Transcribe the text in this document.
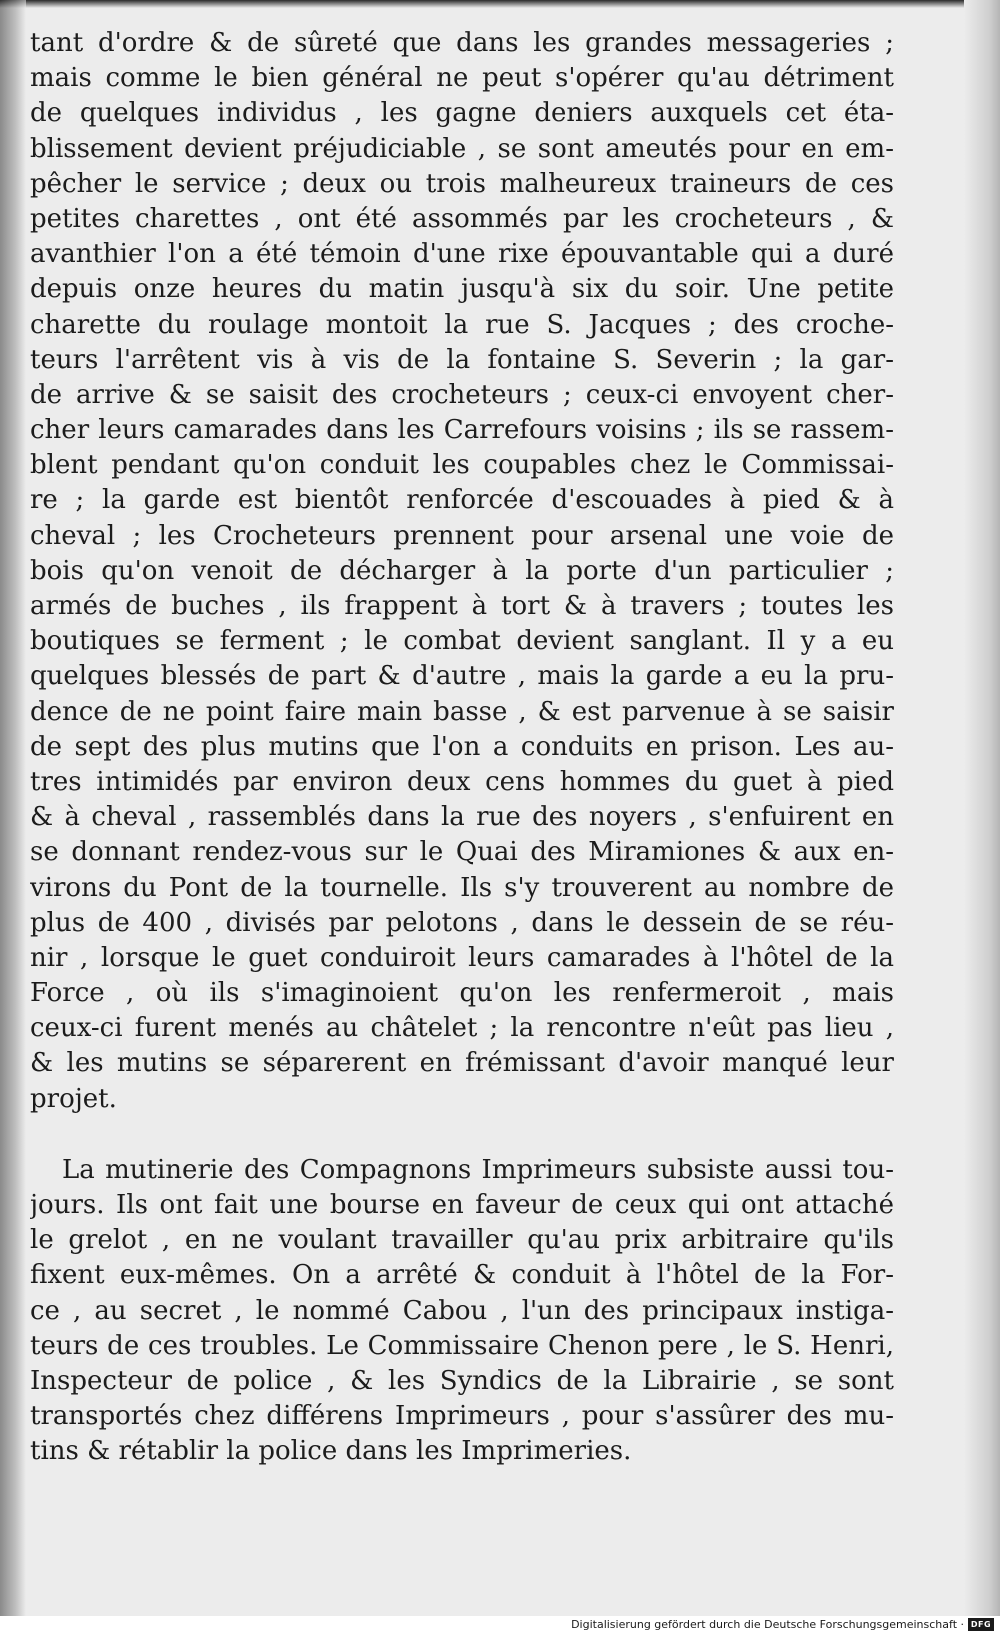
tant d'ordre & de sûreté que dans les grandes messageries ;
mais comme le bien général ne peut s'opérer qu'au détriment
de quelques individus , les gagne deniers auxquels cet éta-
blissement devient préjudiciable , se sont ameutés pour en em-
pêcher le service ; deux ou trois malheureux traineurs de ces
petites charettes , ont été assommés par les crocheteurs , &
avanthier l'on a été témoin d'une rixe épouvantable qui a duré
depuis onze heures du matin jusqu'à six du soir. Une petite
charette du roulage montoit la rue S. Jacques ; des croche-
teurs l'arrêtent vis à vis de la fontaine S. Severin ; la gar-
de arrive & se saisit des crocheteurs ; ceux-ci envoyent cher-
cher leurs camarades dans les Carrefours voisins ; ils se rassem-
blent pendant qu'on conduit les coupables chez le Commissai-
re ; la garde est bientôt renforcée d'escouades à pied & à
cheval ; les Crocheteurs prennent pour arsenal une voie de
bois qu'on venoit de décharger à la porte d'un particulier ;
armés de buches , ils frappent à tort & à travers ; toutes les
boutiques se ferment ; le combat devient sanglant. Il y a eu
quelques blessés de part & d'autre , mais la garde a eu la pru-
dence de ne point faire main basse , & est parvenue à se saisir
de sept des plus mutins que l'on a conduits en prison. Les au-
tres intimidés par environ deux cens hommes du guet à pied
& à cheval , rassemblés dans la rue des noyers , s'enfuirent en
se donnant rendez-vous sur le Quai des Miramiones & aux en-
virons du Pont de la tournelle. Ils s'y trouverent au nombre de
plus de 400 , divisés par pelotons , dans le dessein de se réu-
nir , lorsque le guet conduiroit leurs camarades à l'hôtel de la
Force , où ils s'imaginoient qu'on les renfermeroit , mais
ceux-ci furent menés au châtelet ; la rencontre n'eût pas lieu ,
& les mutins se séparerent en frémissant d'avoir manqué leur
projet.
La mutinerie des Compagnons Imprimeurs subsiste aussi tou-
jours. Ils ont fait une bourse en faveur de ceux qui ont attaché
le grelot , en ne voulant travailler qu'au prix arbitraire qu'ils
fixent eux-mêmes. On a arrêté & conduit à l'hôtel de la For-
ce , au secret , le nommé Cabou , l'un des principaux instiga-
teurs de ces troubles. Le Commissaire Chenon pere , le S. Henri,
Inspecteur de police , & les Syndics de la Librairie , se sont
transportés chez différens Imprimeurs , pour s'assûrer des mu-
tins & rétablir la police dans les Imprimeries.
Digitalisierung gefördert durch die Deutsche Forschungsgemeinschaft · DFG
